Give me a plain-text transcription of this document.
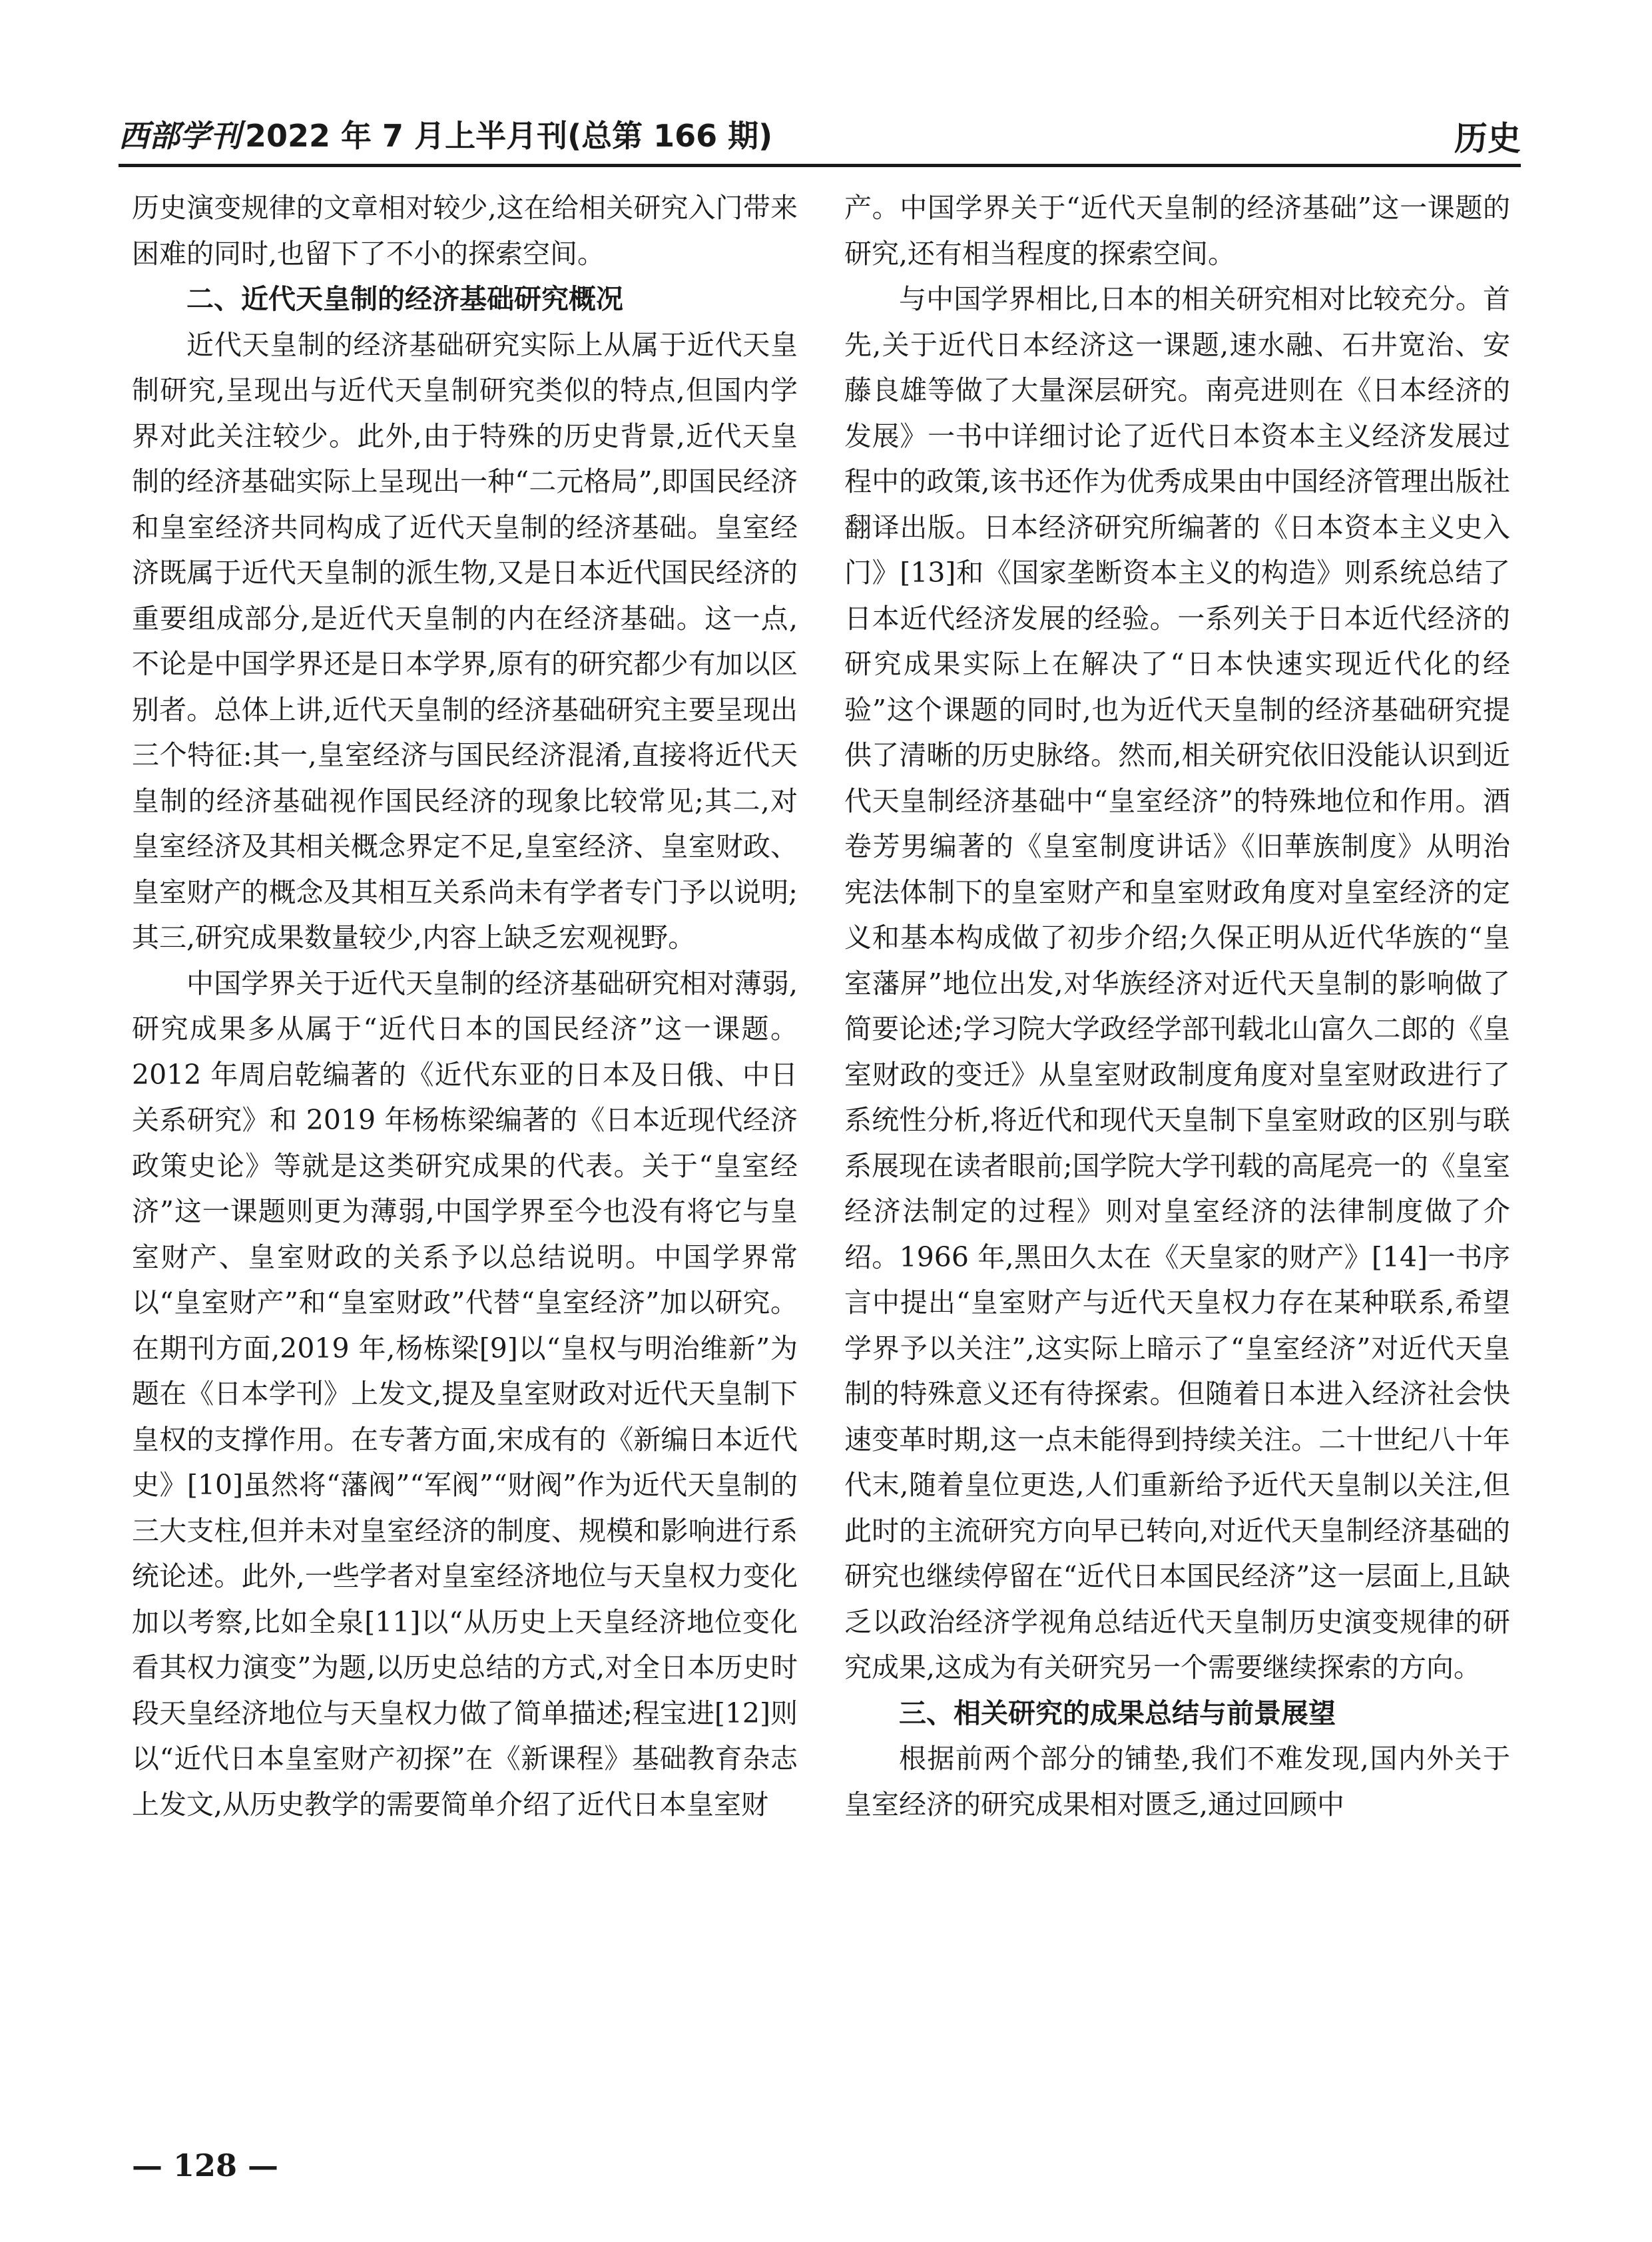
西部学刊 2022 年 7 月上半月刊(总第 166 期)	历史

历史演变规律的文章相对较少,这在给相关研究入门带来困难的同时,也留下了不小的探索空间。

二、近代天皇制的经济基础研究概况

近代天皇制的经济基础研究实际上从属于近代天皇制研究,呈现出与近代天皇制研究类似的特点,但国内学界对此关注较少。此外,由于特殊的历史背景,近代天皇制的经济基础实际上呈现出一种“二元格局”,即国民经济和皇室经济共同构成了近代天皇制的经济基础。皇室经济既属于近代天皇制的派生物,又是日本近代国民经济的重要组成部分,是近代天皇制的内在经济基础。这一点,不论是中国学界还是日本学界,原有的研究都少有加以区别者。总体上讲,近代天皇制的经济基础研究主要呈现出三个特征:其一,皇室经济与国民经济混淆,直接将近代天皇制的经济基础视作国民经济的现象比较常见;其二,对皇室经济及其相关概念界定不足,皇室经济、皇室财政、皇室财产的概念及其相互关系尚未有学者专门予以说明;其三,研究成果数量较少,内容上缺乏宏观视野。

中国学界关于近代天皇制的经济基础研究相对薄弱,研究成果多从属于“近代日本的国民经济”这一课题。2012 年周启乾编著的《近代东亚的日本及日俄、中日关系研究》和 2019 年杨栋梁编著的《日本近现代经济政策史论》等就是这类研究成果的代表。关于“皇室经济”这一课题则更为薄弱,中国学界至今也没有将它与皇室财产、皇室财政的关系予以总结说明。中国学界常以“皇室财产”和“皇室财政”代替“皇室经济”加以研究。在期刊方面,2019 年,杨栋梁[9]以“皇权与明治维新”为题在《日本学刊》上发文,提及皇室财政对近代天皇制下皇权的支撑作用。在专著方面,宋成有的《新编日本近代史》[10]虽然将“藩阀”“军阀”“财阀”作为近代天皇制的三大支柱,但并未对皇室经济的制度、规模和影响进行系统论述。此外,一些学者对皇室经济地位与天皇权力变化加以考察,比如全泉[11]以“从历史上天皇经济地位变化看其权力演变”为题,以历史总结的方式,对全日本历史时段天皇经济地位与天皇权力做了简单描述;程宝进[12]则以“近代日本皇室财产初探”在《新课程》基础教育杂志上发文,从历史教学的需要简单介绍了近代日本皇室财

产。中国学界关于“近代天皇制的经济基础”这一课题的研究,还有相当程度的探索空间。

与中国学界相比,日本的相关研究相对比较充分。首先,关于近代日本经济这一课题,速水融、石井宽治、安藤良雄等做了大量深层研究。南亮进则在《日本经济的发展》一书中详细讨论了近代日本资本主义经济发展过程中的政策,该书还作为优秀成果由中国经济管理出版社翻译出版。日本经济研究所编著的《日本资本主义史入门》[13]和《国家垄断资本主义的构造》则系统总结了日本近代经济发展的经验。一系列关于日本近代经济的研究成果实际上在解决了“日本快速实现近代化的经验”这个课题的同时,也为近代天皇制的经济基础研究提供了清晰的历史脉络。然而,相关研究依旧没能认识到近代天皇制经济基础中“皇室经济”的特殊地位和作用。酒卷芳男编著的《皇室制度讲话》《旧華族制度》从明治宪法体制下的皇室财产和皇室财政角度对皇室经济的定义和基本构成做了初步介绍;久保正明从近代华族的“皇室藩屏”地位出发,对华族经济对近代天皇制的影响做了简要论述;学习院大学政经学部刊载北山富久二郎的《皇室财政的变迁》从皇室财政制度角度对皇室财政进行了系统性分析,将近代和现代天皇制下皇室财政的区别与联系展现在读者眼前;国学院大学刊载的高尾亮一的《皇室经济法制定的过程》则对皇室经济的法律制度做了介绍。1966 年,黑田久太在《天皇家的财产》[14]一书序言中提出“皇室财产与近代天皇权力存在某种联系,希望学界予以关注”,这实际上暗示了“皇室经济”对近代天皇制的特殊意义还有待探索。但随着日本进入经济社会快速变革时期,这一点未能得到持续关注。二十世纪八十年代末,随着皇位更迭,人们重新给予近代天皇制以关注,但此时的主流研究方向早已转向,对近代天皇制经济基础的研究也继续停留在“近代日本国民经济”这一层面上,且缺乏以政治经济学视角总结近代天皇制历史演变规律的研究成果,这成为有关研究另一个需要继续探索的方向。

三、相关研究的成果总结与前景展望

根据前两个部分的铺垫,我们不难发现,国内外关于皇室经济的研究成果相对匮乏,通过回顾中

— 128 —
